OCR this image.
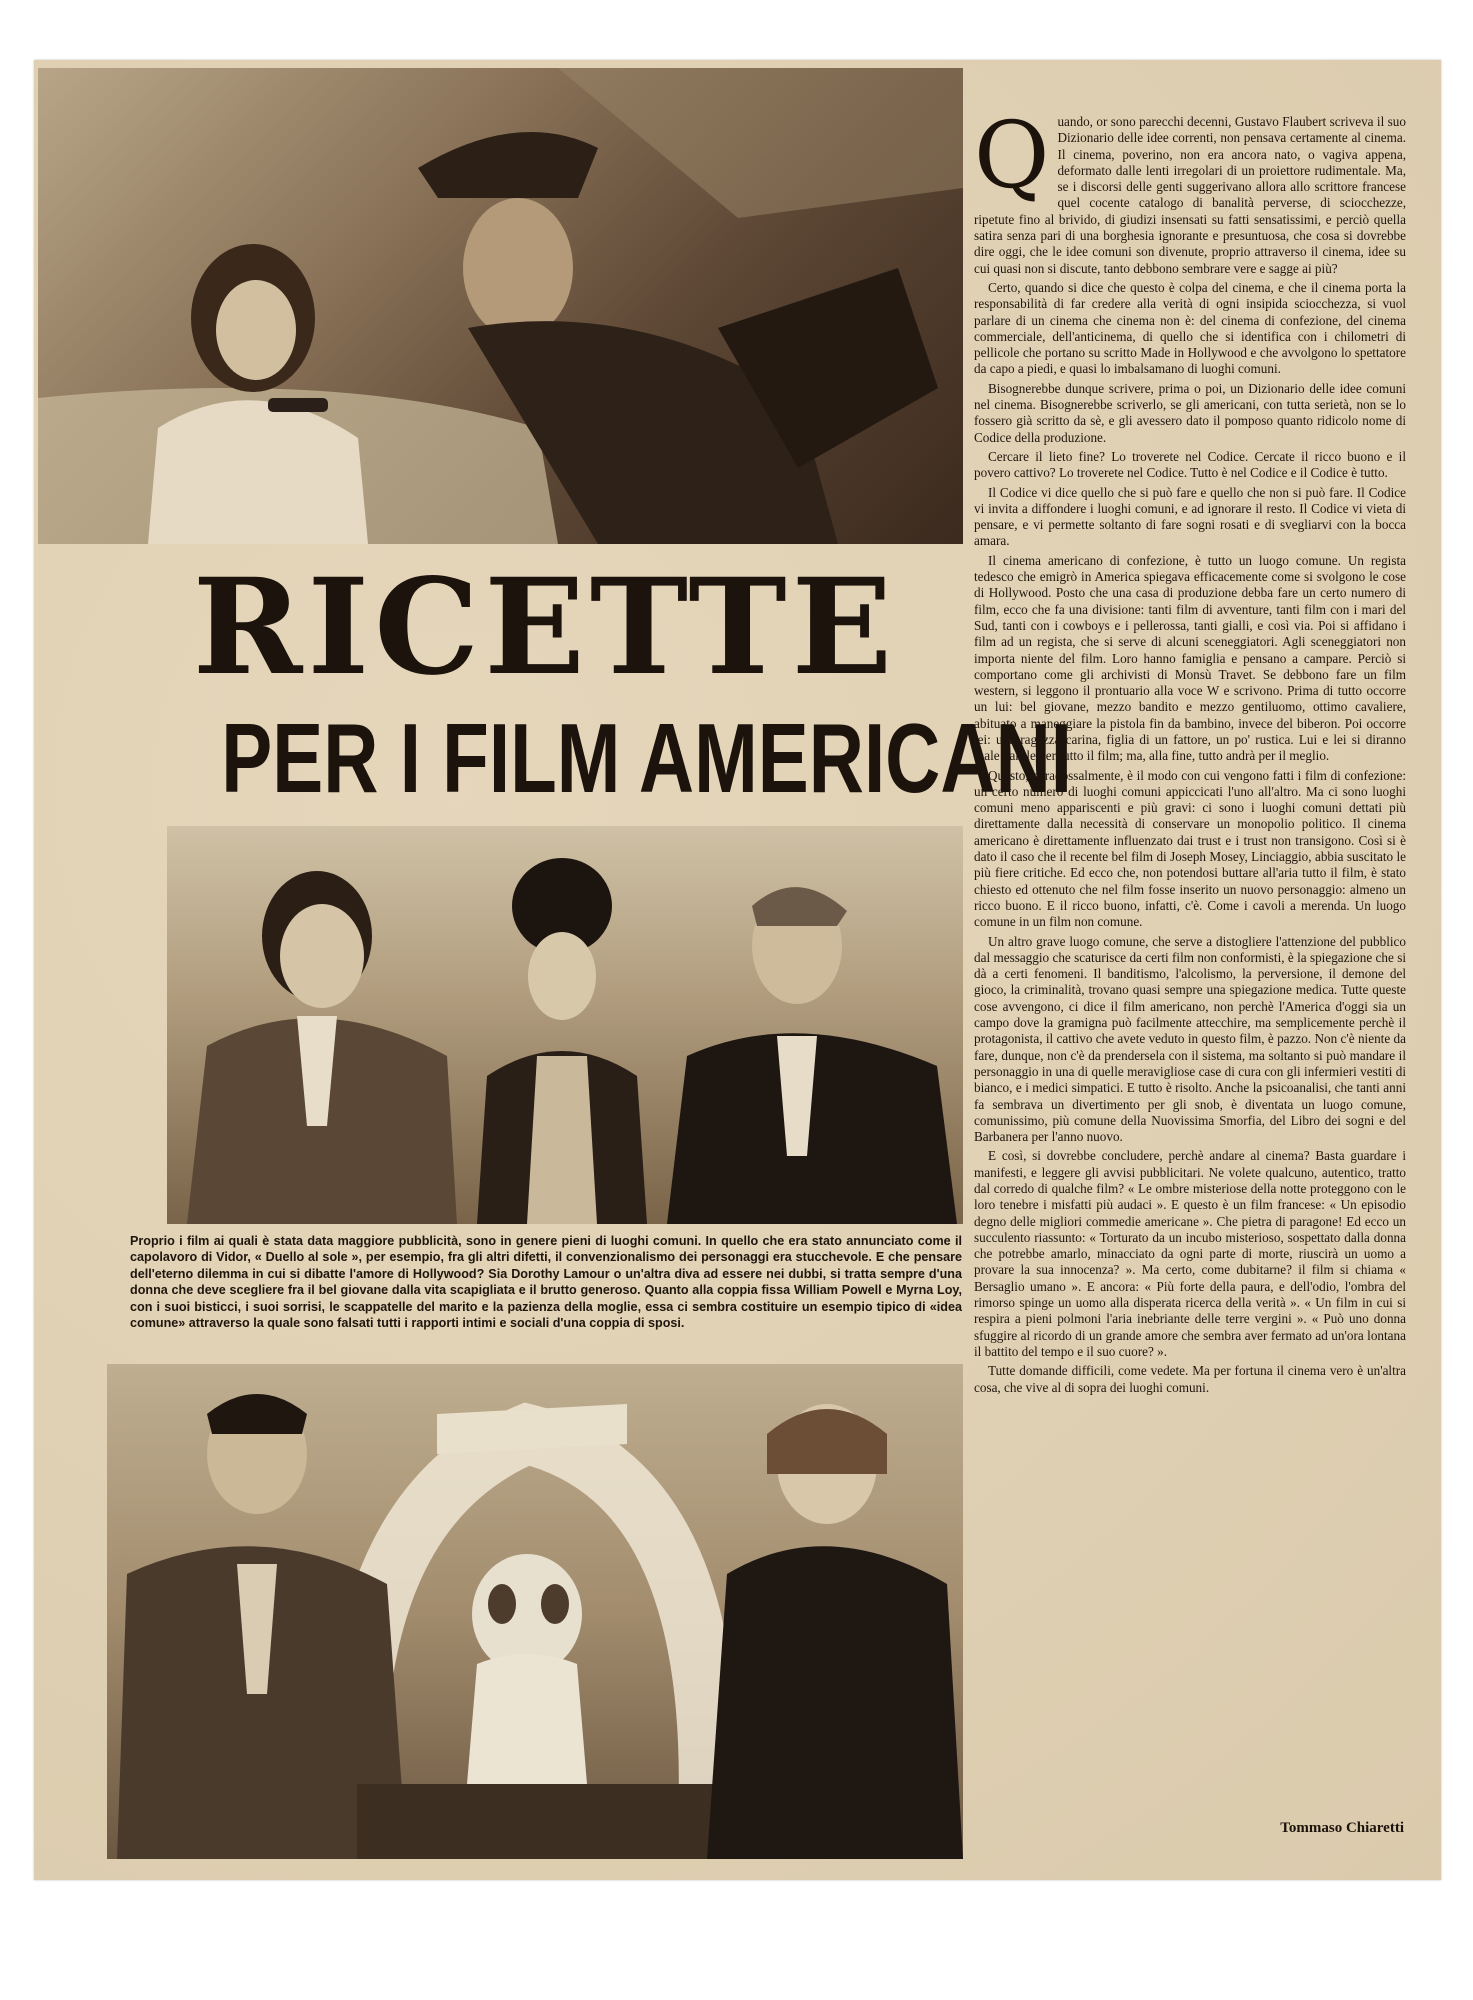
RICETTE
PER I FILM AMERICANI
Proprio i film ai quali è stata data maggiore pubblicità, sono in genere pieni di luoghi comuni. In quello che era stato annunciato come il capolavoro di Vidor, « Duello al sole », per esempio, fra gli altri difetti, il convenzionalismo dei personaggi era stucchevole. E che pensare dell'eterno dilemma in cui si dibatte l'amore di Hollywood? Sia Dorothy Lamour o un'altra diva ad essere nei dubbi, si tratta sempre d'una donna che deve scegliere fra il bel giovane dalla vita scapigliata e il brutto generoso. Quanto alla coppia fissa William Powell e Myrna Loy, con i suoi bisticci, i suoi sorrisi, le scappatelle del marito e la pazienza della moglie, essa ci sembra costituire un esempio tipico di «idea comune» attraverso la quale sono falsati tutti i rapporti intimi e sociali d'una coppia di sposi.

Quando, or sono parecchi decenni, Gustavo Flaubert scriveva il suo Dizionario delle idee correnti, non pensava certamente al cinema. Il cinema, poverino, non era ancora nato, o vagiva appena, deformato dalle lenti irregolari di un proiettore rudimentale. Ma, se i discorsi delle genti suggerivano allora allo scrittore francese quel cocente catalogo di banalità perverse, di sciocchezze, ripetute fino al brivido, di giudizi insensati su fatti sensatissimi, e perciò quella satira senza pari di una borghesia ignorante e presuntuosa, che cosa si dovrebbe dire oggi, che le idee comuni son divenute, proprio attraverso il cinema, idee su cui quasi non si discute, tanto debbono sembrare vere e sagge ai più?

Certo, quando si dice che questo è colpa del cinema, e che il cinema porta la responsabilità di far credere alla verità di ogni insipida sciocchezza, si vuol parlare di un cinema che cinema non è: del cinema di confezione, del cinema commerciale, dell'anticinema, di quello che si identifica con i chilometri di pellicole che portano su scritto Made in Hollywood e che avvolgono lo spettatore da capo a piedi, e quasi lo imbalsamano di luoghi comuni.

Bisognerebbe dunque scrivere, prima o poi, un Dizionario delle idee comuni nel cinema. Bisognerebbe scriverlo, se gli americani, con tutta serietà, non se lo fossero già scritto da sè, e gli avessero dato il pomposo quanto ridicolo nome di Codice della produzione.

Cercare il lieto fine? Lo troverete nel Codice. Cercate il ricco buono e il povero cattivo? Lo troverete nel Codice. Tutto è nel Codice e il Codice è tutto.

Il Codice vi dice quello che si può fare e quello che non si può fare. Il Codice vi invita a diffondere i luoghi comuni, e ad ignorare il resto. Il Codice vi vieta di pensare, e vi permette soltanto di fare sogni rosati e di svegliarvi con la bocca amara.

Il cinema americano di confezione, è tutto un luogo comune. Un regista tedesco che emigrò in America spiegava efficacemente come si svolgono le cose di Hollywood. Posto che una casa di produzione debba fare un certo numero di film, ecco che fa una divisione: tanti film di avventure, tanti film con i mari del Sud, tanti con i cowboys e i pellerossa, tanti gialli, e così via. Poi si affidano i film ad un regista, che si serve di alcuni sceneggiatori. Agli sceneggiatori non importa niente del film. Loro hanno famiglia e pensano a campare. Perciò si comportano come gli archivisti di Monsù Travet. Se debbono fare un film western, si leggono il prontuario alla voce W e scrivono. Prima di tutto occorre un lui: bel giovane, mezzo bandito e mezzo gentiluomo, ottimo cavaliere, abituato a maneggiare la pistola fin da bambino, invece del biberon. Poi occorre lei: una ragazza carina, figlia di un fattore, un po' rustica. Lui e lei si diranno male parole per tutto il film; ma, alla fine, tutto andrà per il meglio.

Questo, paradossalmente, è il modo con cui vengono fatti i film di confezione: un certo numero di luoghi comuni appiccicati l'uno all'altro. Ma ci sono luoghi comuni meno appariscenti e più gravi: ci sono i luoghi comuni dettati più direttamente dalla necessità di conservare un monopolio politico. Il cinema americano è direttamente influenzato dai trust e i trust non transigono. Così si è dato il caso che il recente bel film di Joseph Mosey, Linciaggio, abbia suscitato le più fiere critiche. Ed ecco che, non potendosi buttare all'aria tutto il film, è stato chiesto ed ottenuto che nel film fosse inserito un nuovo personaggio: almeno un ricco buono. E il ricco buono, infatti, c'è. Come i cavoli a merenda. Un luogo comune in un film non comune.

Un altro grave luogo comune, che serve a distogliere l'attenzione del pubblico dal messaggio che scaturisce da certi film non conformisti, è la spiegazione che si dà a certi fenomeni. Il banditismo, l'alcolismo, la perversione, il demone del gioco, la criminalità, trovano quasi sempre una spiegazione medica. Tutte queste cose avvengono, ci dice il film americano, non perchè l'America d'oggi sia un campo dove la gramigna può facilmente attecchire, ma semplicemente perchè il protagonista, il cattivo che avete veduto in questo film, è pazzo. Non c'è niente da fare, dunque, non c'è da prendersela con il sistema, ma soltanto si può mandare il personaggio in una di quelle meravigliose case di cura con gli infermieri vestiti di bianco, e i medici simpatici. E tutto è risolto. Anche la psicoanalisi, che tanti anni fa sembrava un divertimento per gli snob, è diventata un luogo comune, comunissimo, più comune della Nuovissima Smorfia, del Libro dei sogni e del Barbanera per l'anno nuovo.

E così, si dovrebbe concludere, perchè andare al cinema? Basta guardare i manifesti, e leggere gli avvisi pubblicitari. Ne volete qualcuno, autentico, tratto dal corredo di qualche film? « Le ombre misteriose della notte proteggono con le loro tenebre i misfatti più audaci ». E questo è un film francese: « Un episodio degno delle migliori commedie americane ». Che pietra di paragone! Ed ecco un succulento riassunto: « Torturato da un incubo misterioso, sospettato dalla donna che potrebbe amarlo, minacciato da ogni parte di morte, riuscirà un uomo a provare la sua innocenza? ». Ma certo, come dubitarne? il film si chiama « Bersaglio umano ». E ancora: « Più forte della paura, e dell'odio, l'ombra del rimorso spinge un uomo alla disperata ricerca della verità ». « Un film in cui si respira a pieni polmoni l'aria inebriante delle terre vergini ». « Può uno donna sfuggire al ricordo di un grande amore che sembra aver fermato ad un'ora lontana il battito del tempo e il suo cuore? ».

Tutte domande difficili, come vedete. Ma per fortuna il cinema vero è un'altra cosa, che vive al di sopra dei luoghi comuni.

Tommaso Chiaretti
